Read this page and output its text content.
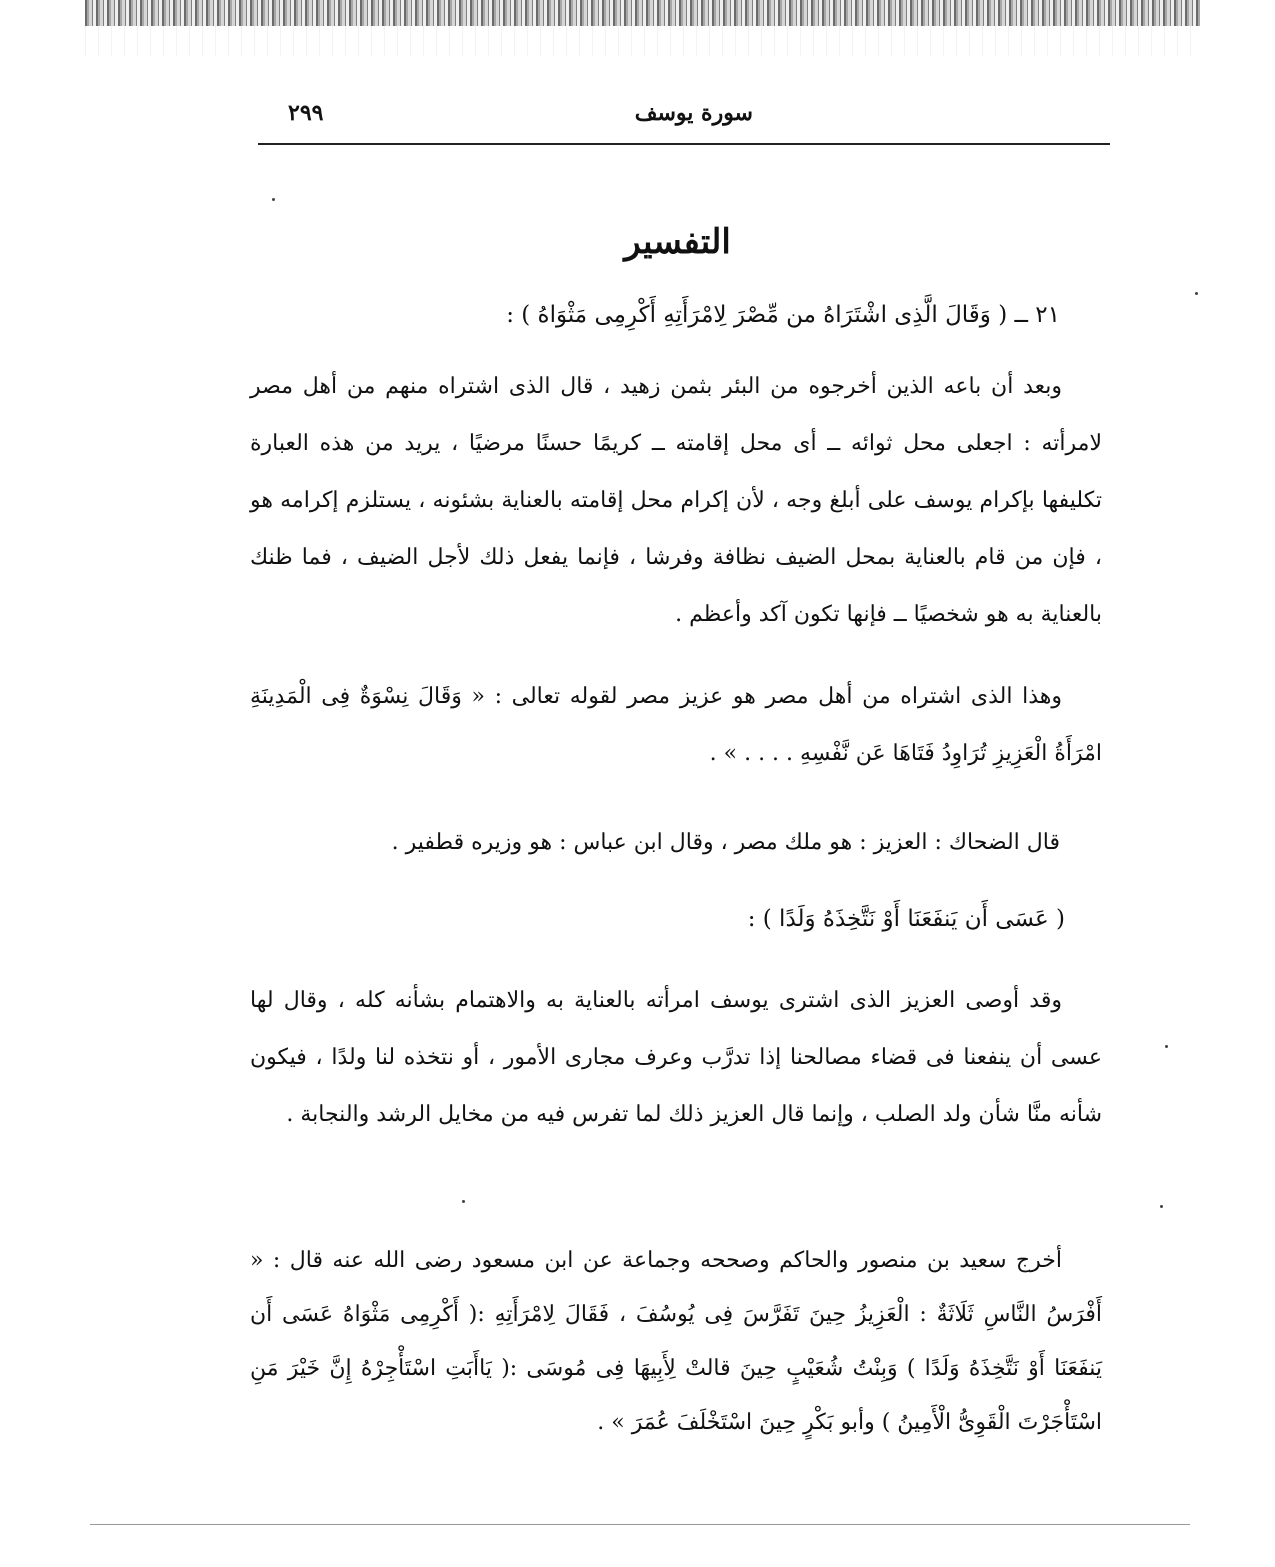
سورة يوسف
٢٩٩
التفسير
٢١ ــ ( وَقَالَ الَّذِى اشْتَرَاهُ من مِّصْرَ لِامْرَأَتِهِ أَكْرِمِى مَثْوَاهُ ) :
وبعد أن باعه الذين أخرجوه من البئر بثمن زهيد ، قال الذى اشتراه منهم من أهل مصر لامرأته : اجعلى محل ثوائه ــ أى محل إقامته ــ كريمًا حسنًا مرضيًا ، يريد من هذه العبارة تكليفها بإكرام يوسف على أبلغ وجه ، لأن إكرام محل إقامته بالعناية بشئونه ، يستلزم إكرامه هو ، فإن من قام بالعناية بمحل الضيف نظافة وفرشا ، فإنما يفعل ذلك لأجل الضيف ، فما ظنك بالعناية به هو شخصيًا ــ فإنها تكون آكد وأعظم .
وهذا الذى اشتراه من أهل مصر هو عزيز مصر لقوله تعالى : « وَقَالَ نِسْوَةٌ فِى الْمَدِينَةِ امْرَأَةُ الْعَزِيزِ تُرَاوِدُ فَتَاهَا عَن نَّفْسِهِ . . . . » .
قال الضحاك : العزيز : هو ملك مصر ، وقال ابن عباس : هو وزيره قطفير .
( عَسَى أَن يَنفَعَنَا أَوْ نَتَّخِذَهُ وَلَدًا ) :
وقد أوصى العزيز الذى اشترى يوسف امرأته بالعناية به والاهتمام بشأنه كله ، وقال لها عسى أن ينفعنا فى قضاء مصالحنا إذا تدرَّب وعرف مجارى الأمور ، أو نتخذه لنا ولدًا ، فيكون شأنه منَّا شأن ولد الصلب ، وإنما قال العزيز ذلك لما تفرس فيه من مخايل الرشد والنجابة .
أخرج سعيد بن منصور والحاكم وصححه وجماعة عن ابن مسعود رضى الله عنه قال : « أَفْرَسُ النَّاسِ ثَلَاثَةٌ : الْعَزِيزُ حِينَ تَفَرَّسَ فِى يُوسُفَ ، فَقَالَ لِامْرَأَتِهِ :( أَكْرِمِى مَثْوَاهُ عَسَى أَن يَنفَعَنَا أَوْ نَتَّخِذَهُ وَلَدًا ) وَبِنْتُ شُعَيْبٍ حِينَ قالتْ لِأَبِيهَا فِى مُوسَى :( يَاأَبَتِ اسْتَأْجِرْهُ إِنَّ خَيْرَ مَنِ اسْتَأْجَرْتَ الْقَوِىُّ الْأَمِينُ ) وأبو بَكْرٍ حِينَ اسْتَخْلَفَ عُمَرَ » .
